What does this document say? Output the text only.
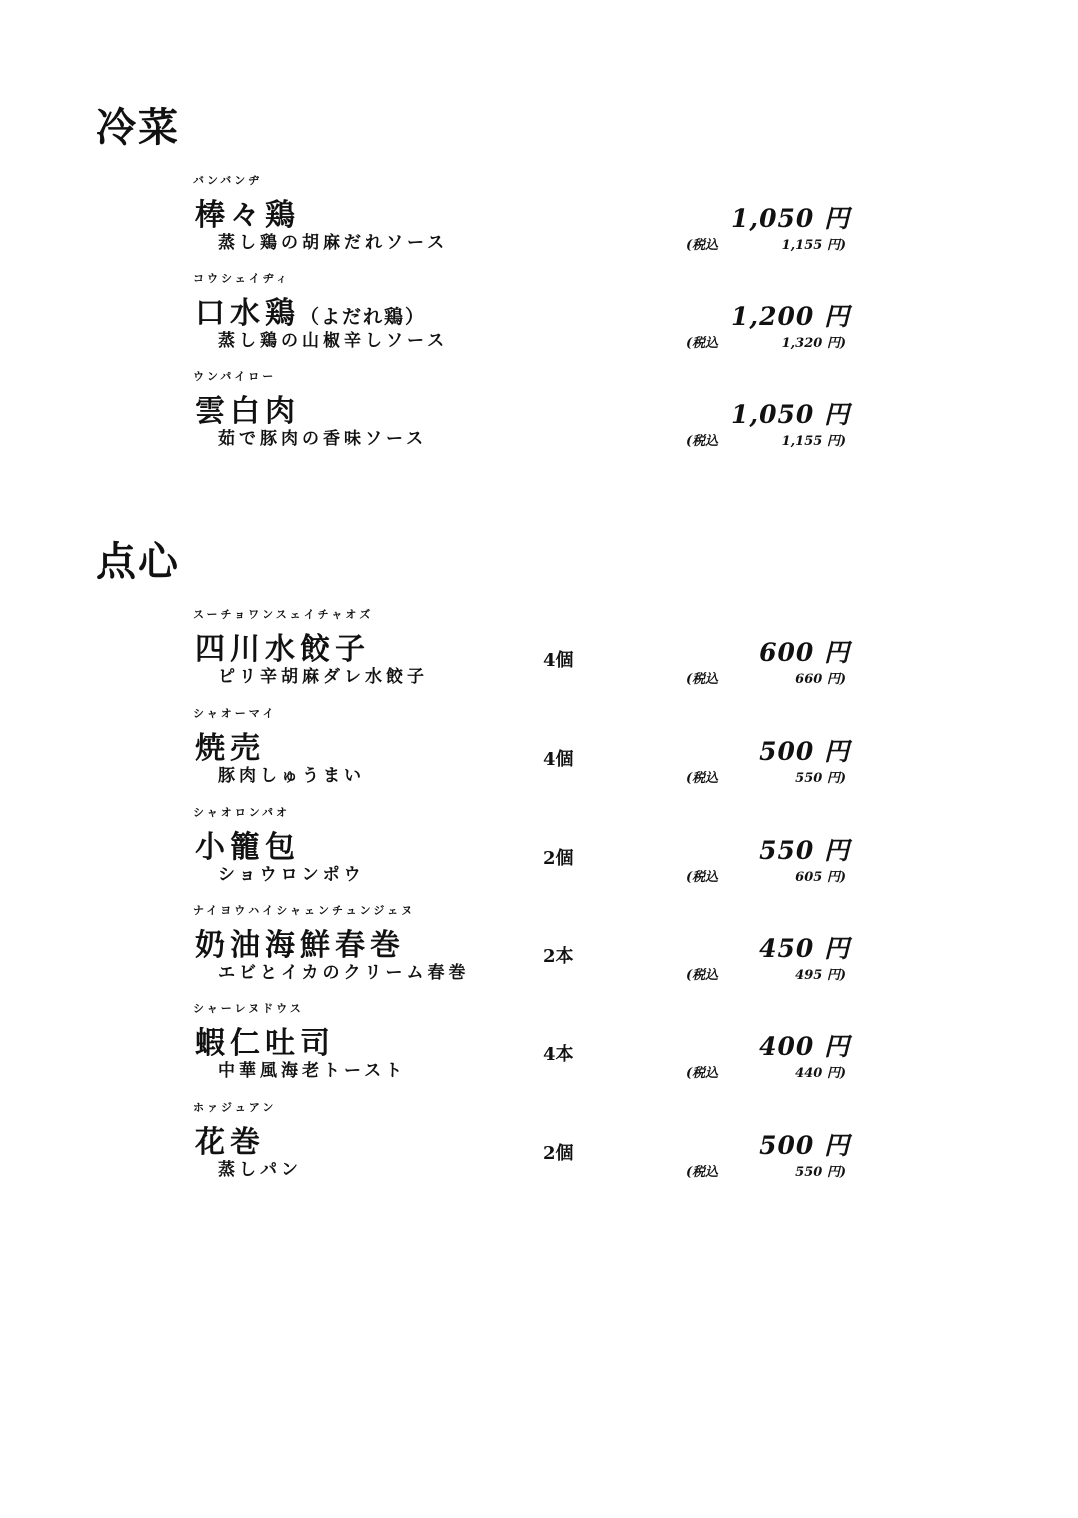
冷菜
バンバンヂ
棒々鶏	1,050 円
蒸し鶏の胡麻だれソース	(税込	1,155 円)
コウシェイヂィ
口水鶏（よだれ鶏）	1,200 円
蒸し鶏の山椒辛しソース	(税込	1,320 円)
ウンパイロー
雲白肉	1,050 円
茹で豚肉の香味ソース	(税込	1,155 円)
点心
スーチョワンスェイチャオズ
四川水餃子	4個	600 円
ピリ辛胡麻ダレ水餃子	(税込	660 円)
シャオーマイ
焼売	4個	500 円
豚肉しゅうまい	(税込	550 円)
シャオロンパオ
小籠包	2個	550 円
ショウロンポウ	(税込	605 円)
ナイヨウハイシャェンチュンジェヌ
奶油海鮮春巻	2本	450 円
エビとイカのクリーム春巻	(税込	495 円)
シャーレヌドウス
蝦仁吐司	4本	400 円
中華風海老トースト	(税込	440 円)
ホァジュアン
花巻	2個	500 円
蒸しパン	(税込	550 円)
